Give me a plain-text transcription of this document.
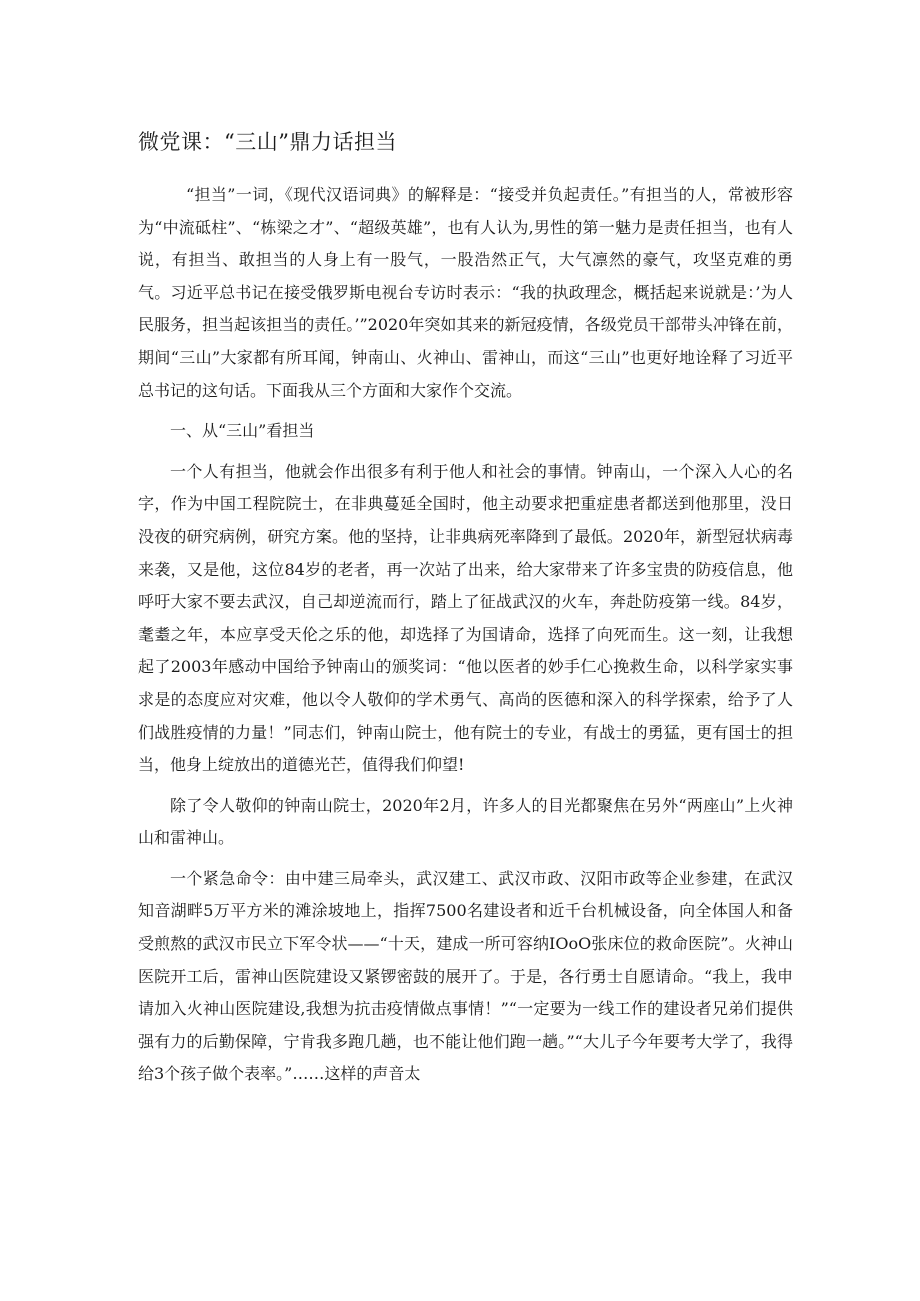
微党课：“三山”鼎力话担当

“担当”一词，《现代汉语词典》的解释是：“接受并负起责任。”有担当的人，常被形容为“中流砥柱”、“栋梁之才”、“超级英雄”，也有人认为,男性的第一魅力是责任担当，也有人说，有担当、敢担当的人身上有一股气，一股浩然正气，大气凛然的豪气，攻坚克难的勇气。习近平总书记在接受俄罗斯电视台专访时表示：“我的执政理念，概括起来说就是：’为人民服务，担当起该担当的责任。’”2020年突如其来的新冠疫情，各级党员干部带头冲锋在前，期间“三山”大家都有所耳闻，钟南山、火神山、雷神山，而这“三山”也更好地诠释了习近平总书记的这句话。下面我从三个方面和大家作个交流。

一、从“三山”看担当

一个人有担当，他就会作出很多有利于他人和社会的事情。钟南山，一个深入人心的名字，作为中国工程院院士，在非典蔓延全国时，他主动要求把重症患者都送到他那里，没日没夜的研究病例，研究方案。他的坚持，让非典病死率降到了最低。2020年，新型冠状病毒来袭，又是他，这位84岁的老者，再一次站了出来，给大家带来了许多宝贵的防疫信息，他呼吁大家不要去武汉，自己却逆流而行，踏上了征战武汉的火车，奔赴防疫第一线。84岁，耄耋之年，本应享受天伦之乐的他，却选择了为国请命，选择了向死而生。这一刻，让我想起了2003年感动中国给予钟南山的颁奖词：“他以医者的妙手仁心挽救生命，以科学家实事求是的态度应对灾难，他以令人敬仰的学术勇气、高尚的医德和深入的科学探索，给予了人们战胜疫情的力量！”同志们，钟南山院士，他有院士的专业，有战士的勇猛，更有国士的担当，他身上绽放出的道德光芒，值得我们仰望!

除了令人敬仰的钟南山院士，2020年2月，许多人的目光都聚焦在另外“两座山”上火神山和雷神山。

一个紧急命令：由中建三局牵头，武汉建工、武汉市政、汉阳市政等企业参建，在武汉知音湖畔5万平方米的滩涂坡地上，指挥7500名建设者和近千台机械设备，向全体国人和备受煎熬的武汉市民立下军令状——“十天，建成一所可容纳IOoO张床位的救命医院”。火神山医院开工后，雷神山医院建设又紧锣密鼓的展开了。于是，各行勇士自愿请命。“我上，我申请加入火神山医院建设,我想为抗击疫情做点事情！”“一定要为一线工作的建设者兄弟们提供强有力的后勤保障，宁肯我多跑几趟，也不能让他们跑一趟。”“大儿子今年要考大学了，我得给3个孩子做个表率。”……这样的声音太
